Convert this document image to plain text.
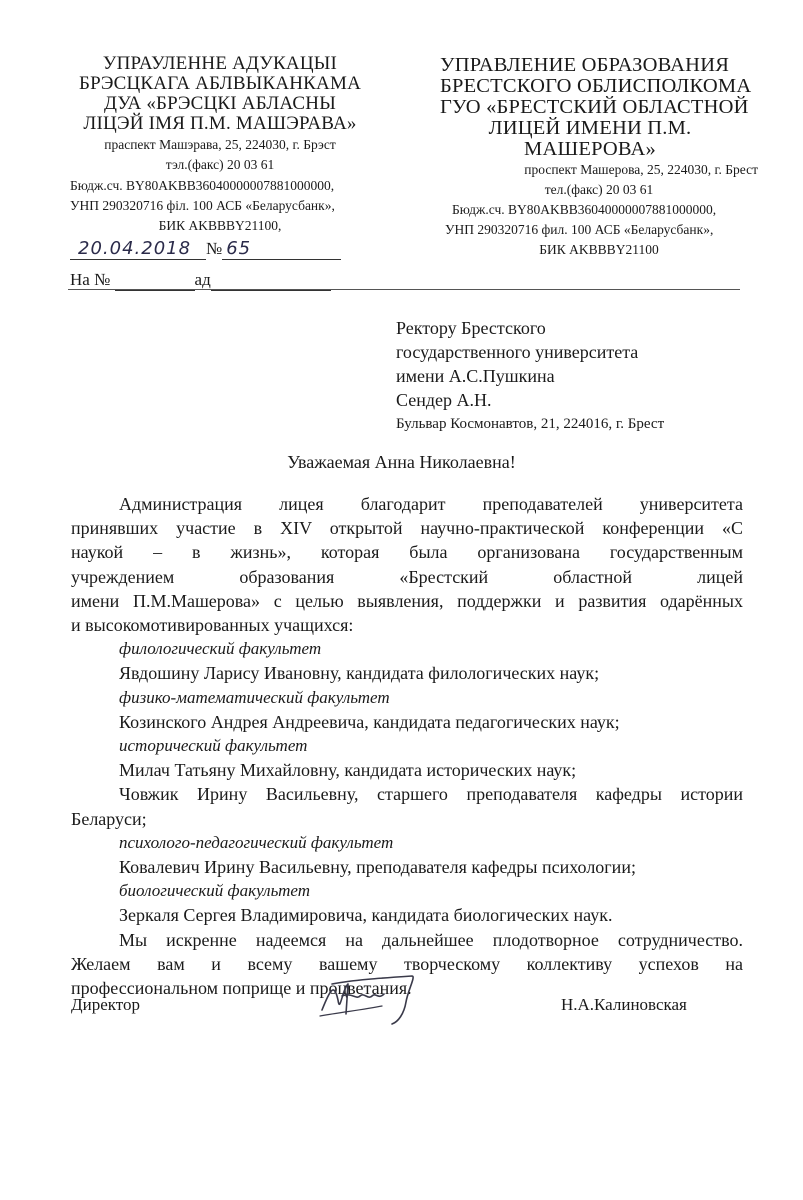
УПРАУЛЕННЕ АДУКАЦЫІ
БРЭСЦКАГА АБЛВЫКАНКАМА
ДУА «БРЭСЦКІ АБЛАСНЫ
ЛІЦЭЙ ІМЯ П.М. МАШЭРАВА»
праспект Машэрава, 25, 224030, г. Брэст
тэл.(факс) 20 03 61
Бюдж.сч. BY80AKBB36040000007881000000,
УНП 290320716 філ. 100 АСБ «Беларусбанк»,
БИК AKBBBY21100,
20.04.2018 № 65
На №	ад
УПРАВЛЕНИЕ ОБРАЗОВАНИЯ
БРЕСТСКОГО ОБЛИСПОЛКОМА
ГУО «БРЕСТСКИЙ ОБЛАСТНОЙ
ЛИЦЕЙ ИМЕНИ П.М.
МАШЕРОВА»
проспект Машерова, 25, 224030, г. Брест
тел.(факс) 20 03 61
Бюдж.сч. BY80AKBB36040000007881000000,
УНП 290320716 фил. 100 АСБ «Беларусбанк»,
БИК AKBBBY21100
Ректору Брестского
государственного университета
имени А.С.Пушкина
Сендер А.Н.
Бульвар Космонавтов, 21, 224016, г. Брест
Уважаемая Анна Николаевна!

Администрация лицея благодарит преподавателей университета

принявших участие в XIV открытой научно-практической конференции «С

наукой – в жизнь», которая была организована государственным

учреждением образования «Брестский областной лицей

имени П.М.Машерова» с целью выявления, поддержки и развития одарённых

и высокомотивированных учащихся:

филологический факультет

Явдошину Ларису Ивановну, кандидата филологических наук;

физико-математический факультет

Козинского Андрея Андреевича, кандидата педагогических наук;

исторический факультет

Милач Татьяну Михайловну, кандидата исторических наук;

Човжик Ирину Васильевну, старшего преподавателя кафедры истории

Беларуси;

психолого-педагогический факультет

Ковалевич Ирину Васильевну, преподавателя кафедры психологии;

биологический факультет

Зеркаля Сергея Владимировича, кандидата биологических наук.

Мы искренне надеемся на дальнейшее плодотворное сотрудничество.

Желаем вам и всему вашему творческому коллективу успехов на

профессиональном поприще и процветания.

Директор	Н.А.Калиновская
